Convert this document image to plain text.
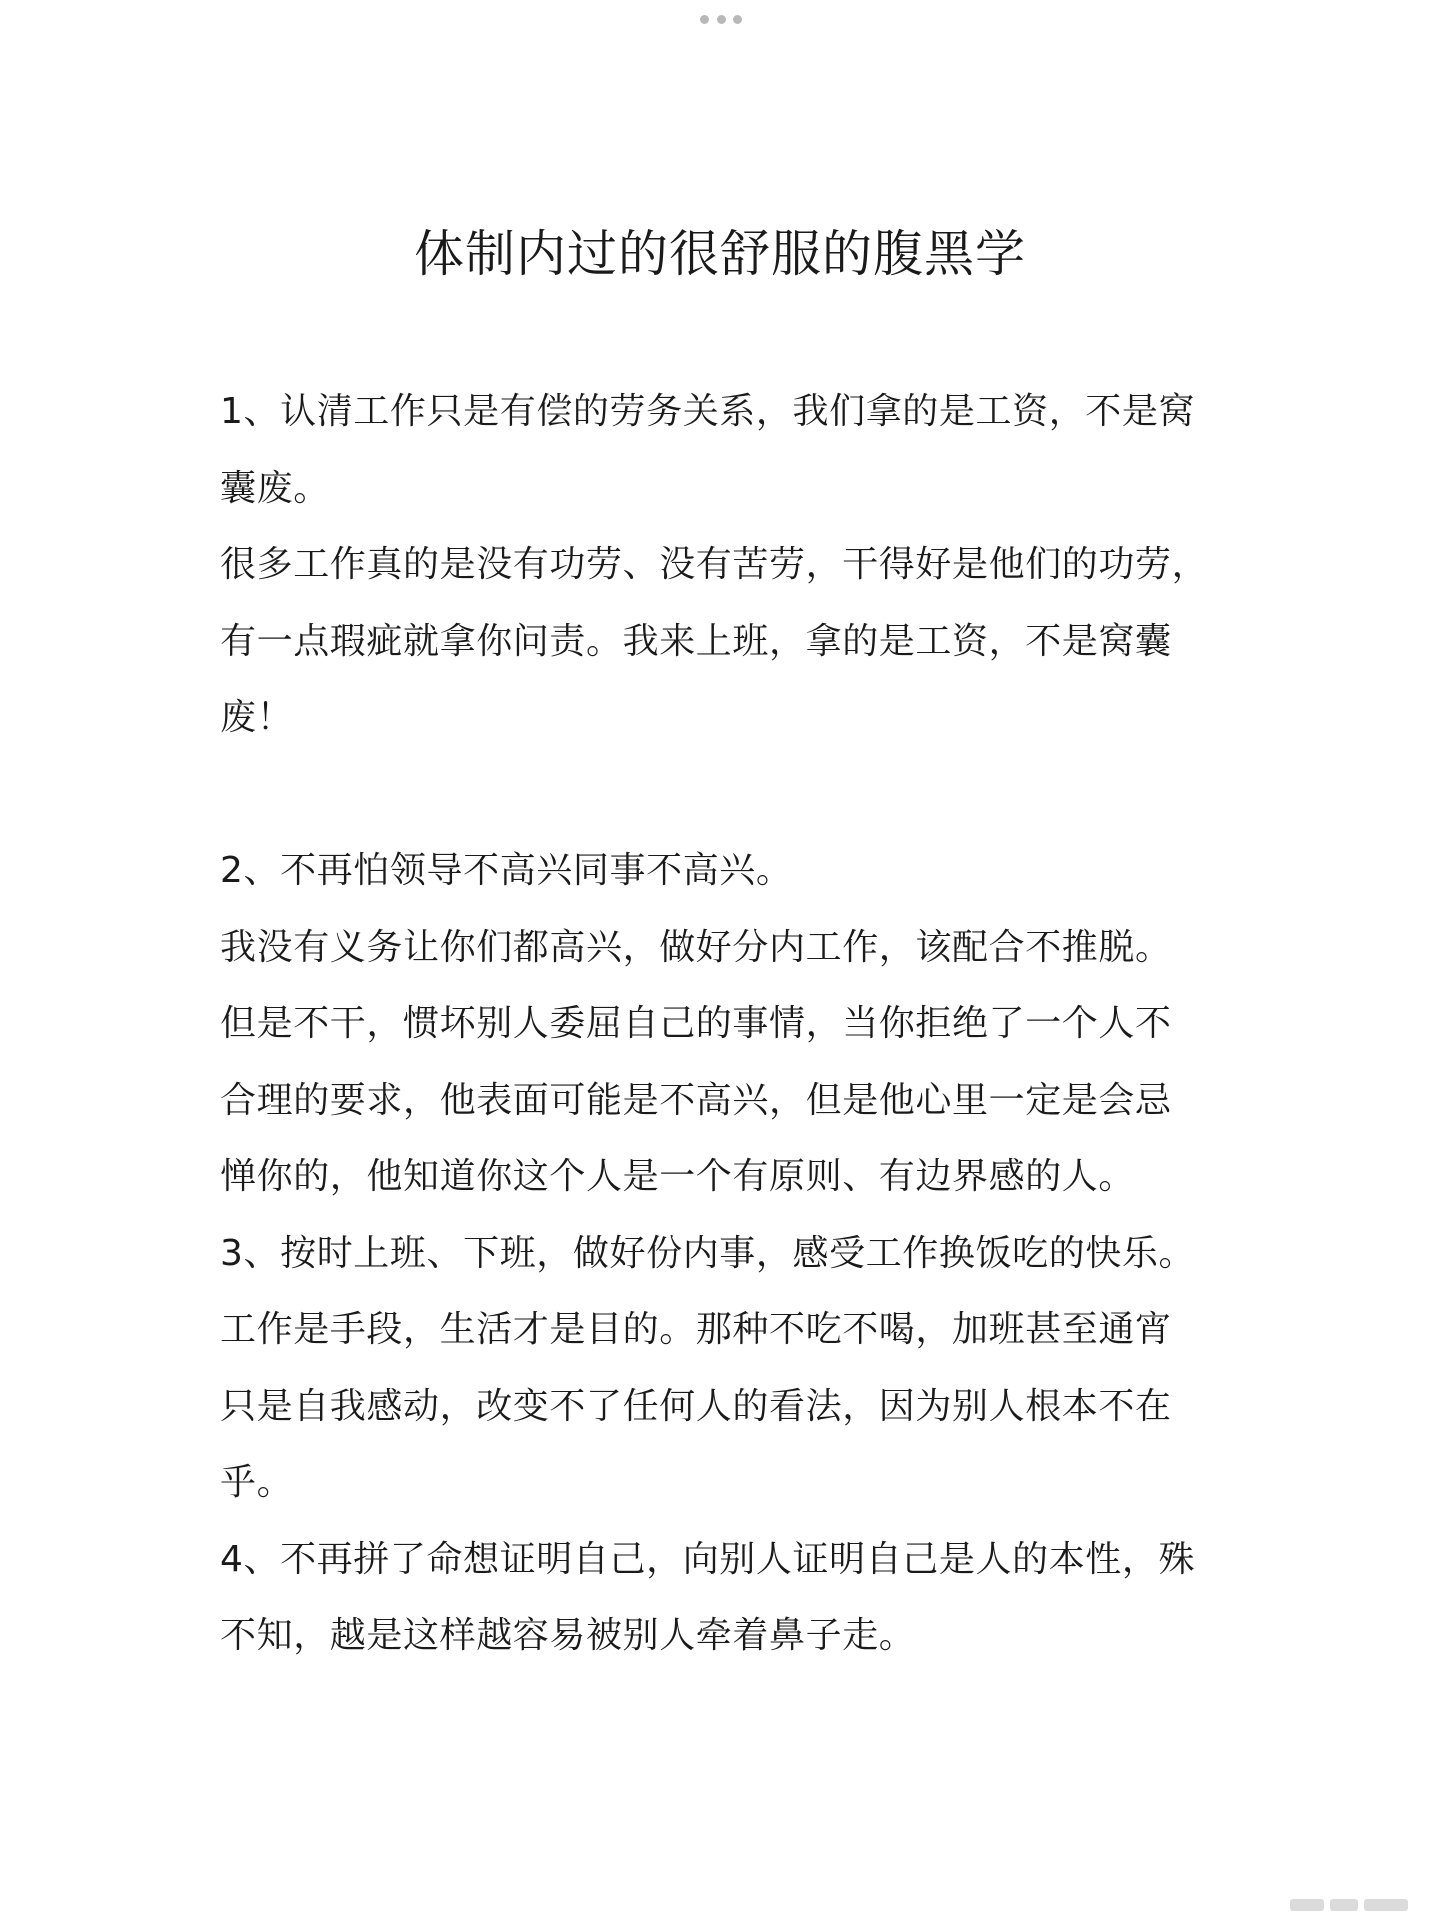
体制内过的很舒服的腹黑学
1、认清工作只是有偿的劳务关系，我们拿的是工资，不是窝
囊废。
很多工作真的是没有功劳、没有苦劳，干得好是他们的功劳，
有一点瑕疵就拿你问责。我来上班，拿的是工资，不是窝囊
废！
2、不再怕领导不高兴同事不高兴。
我没有义务让你们都高兴，做好分内工作，该配合不推脱。
但是不干，惯坏别人委屈自己的事情，当你拒绝了一个人不
合理的要求，他表面可能是不高兴，但是他心里一定是会忌
惮你的，他知道你这个人是一个有原则、有边界感的人。
3、按时上班、下班，做好份内事，感受工作换饭吃的快乐。
工作是手段，生活才是目的。那种不吃不喝，加班甚至通宵
只是自我感动，改变不了任何人的看法，因为别人根本不在
乎。
4、不再拼了命想证明自己，向别人证明自己是人的本性，殊
不知，越是这样越容易被别人牵着鼻子走。
